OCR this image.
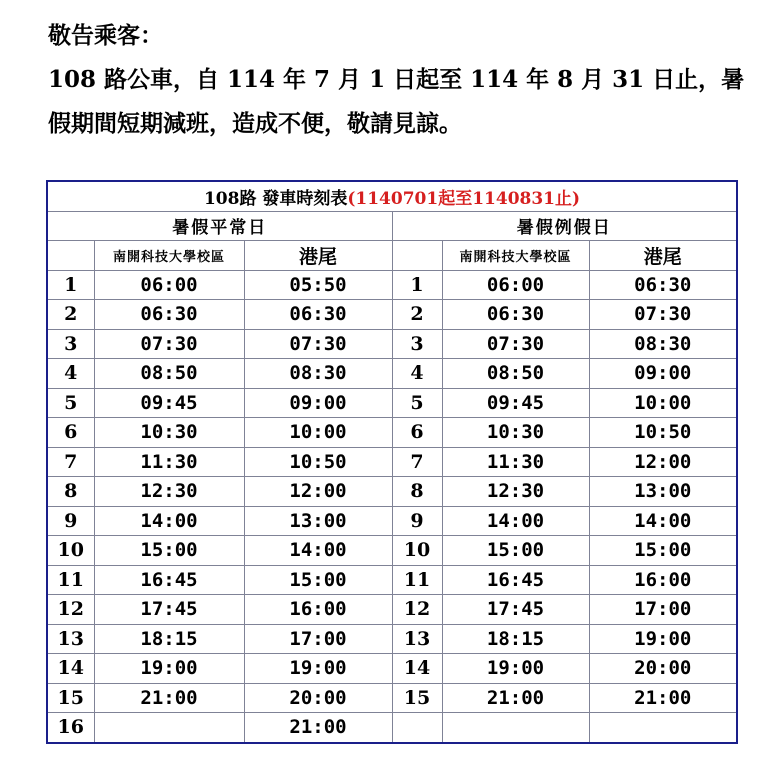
敬告乘客：
108 路公車，自 114 年 7 月 1 日起至 114 年 8 月 31 日止，暑
假期間短期減班，造成不便，敬請見諒。
108路 發車時刻表(1140701起至1140831止)					
暑假平常日			暑假例假日		
	南開科技大學校區	港尾		南開科技大學校區	港尾
1	06:00	05:50	1	06:00	06:30
2	06:30	06:30	2	06:30	07:30
3	07:30	07:30	3	07:30	08:30
4	08:50	08:30	4	08:50	09:00
5	09:45	09:00	5	09:45	10:00
6	10:30	10:00	6	10:30	10:50
7	11:30	10:50	7	11:30	12:00
8	12:30	12:00	8	12:30	13:00
9	14:00	13:00	9	14:00	14:00
10	15:00	14:00	10	15:00	15:00
11	16:45	15:00	11	16:45	16:00
12	17:45	16:00	12	17:45	17:00
13	18:15	17:00	13	18:15	19:00
14	19:00	19:00	14	19:00	20:00
15	21:00	20:00	15	21:00	21:00
16		21:00			
